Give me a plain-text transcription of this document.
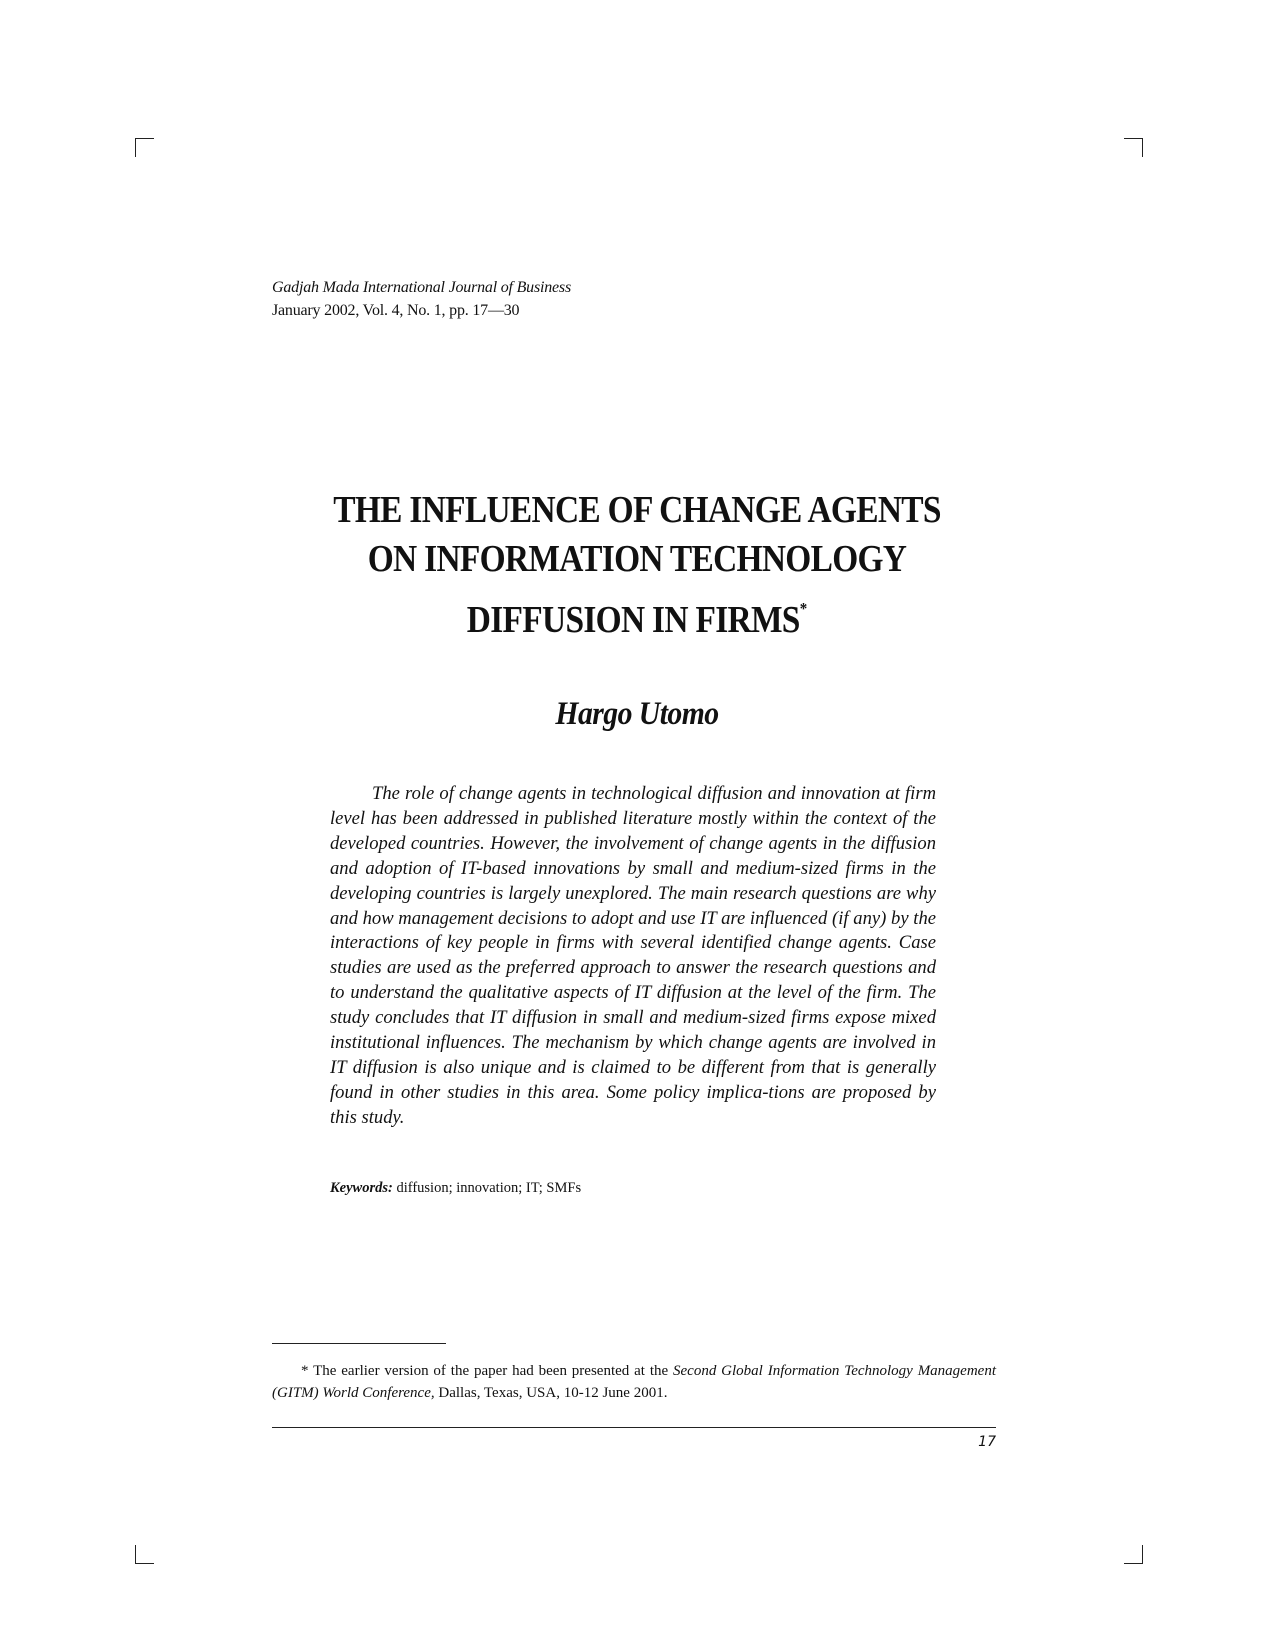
Gadjah Mada International Journal of Business
January 2002, Vol. 4, No. 1, pp. 17—30
THE INFLUENCE OF CHANGE AGENTS
ON INFORMATION TECHNOLOGY
DIFFUSION IN FIRMS*
Hargo Utomo

The role of change agents in technological diffusion and innovation at firm level has been addressed in published literature mostly within the context of the developed countries. However, the involvement of change agents in the diffusion and adoption of IT-based innovations by small and medium-sized firms in the developing countries is largely unexplored. The main research questions are why and how management decisions to adopt and use IT are influenced (if any) by the interactions of key people in firms with several identified change agents. Case studies are used as the preferred approach to answer the research questions and to understand the qualitative aspects of IT diffusion at the level of the firm. The study concludes that IT diffusion in small and medium-sized firms expose mixed institutional influences. The mechanism by which change agents are involved in IT diffusion is also unique and is claimed to be different from that is generally found in other studies in this area. Some policy implica-tions are proposed by this study.

Keywords: diffusion; innovation; IT; SMFs

* The earlier version of the paper had been presented at the Second Global Information Technology Management (GITM) World Conference, Dallas, Texas, USA, 10-12 June 2001.

17
